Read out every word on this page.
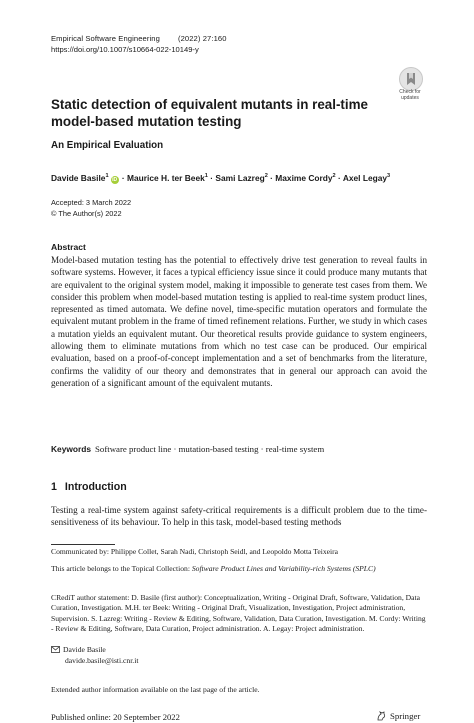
Empirical Software Engineering (2022) 27:160
https://doi.org/10.1007/s10664-022-10149-y
Check for
updates
Static detection of equivalent mutants in real-time model-based mutation testing
An Empirical Evaluation
Davide Basile$^1$iD · Maurice H. ter Beek$^1$ · Sami Lazreg$^2$ · Maxime Cordy$^2$ · Axel Legay$^3$
Accepted: 3 March 2022
© The Author(s) 2022
Abstract
Model-based mutation testing has the potential to effectively drive test generation to reveal faults in software systems. However, it faces a typical efficiency issue since it could produce many mutants that are equivalent to the original system model, making it impossible to generate test cases from them. We consider this problem when model-based mutation testing is applied to real-time system product lines, represented as timed automata. We define novel, time-specific mutation operators and formulate the equivalent mutant problem in the frame of timed refinement relations. Further, we study in which cases a mutation yields an equivalent mutant. Our theoretical results provide guidance to system engineers, allowing them to eliminate mutations from which no test case can be produced. Our empirical evaluation, based on a proof-of-concept implementation and a set of benchmarks from the literature, confirms the validity of our theory and demonstrates that in general our approach can avoid the generation of a significant amount of the equivalent mutants.
Keywords Software product line · mutation-based testing · real-time system
1 Introduction
Testing a real-time system against safety-critical requirements is a difficult problem due to the time-sensitiveness of its behaviour. To help in this task, model-based testing methods
Communicated by: Philippe Collet, Sarah Nadi, Christoph Seidl, and Leopoldo Motta Teixeira
This article belongs to the Topical Collection: Software Product Lines and Variability-rich Systems (SPLC)
CRediT author statement: D. Basile (first author): Conceptualization, Writing - Original Draft, Software, Validation, Data Curation, Investigation. M.H. ter Beek: Writing - Original Draft, Visualization, Investigation, Project administration, Supervision. S. Lazreg: Writing - Review & Editing, Software, Validation, Data Curation, Investigation. M. Cordy: Writing - Review & Editing, Software, Data Curation, Project administration. A. Legay: Project administration.
Davide Basile
davide.basile@isti.cnr.it
Extended author information available on the last page of the article.
Published online: 20 September 2022	Springer
